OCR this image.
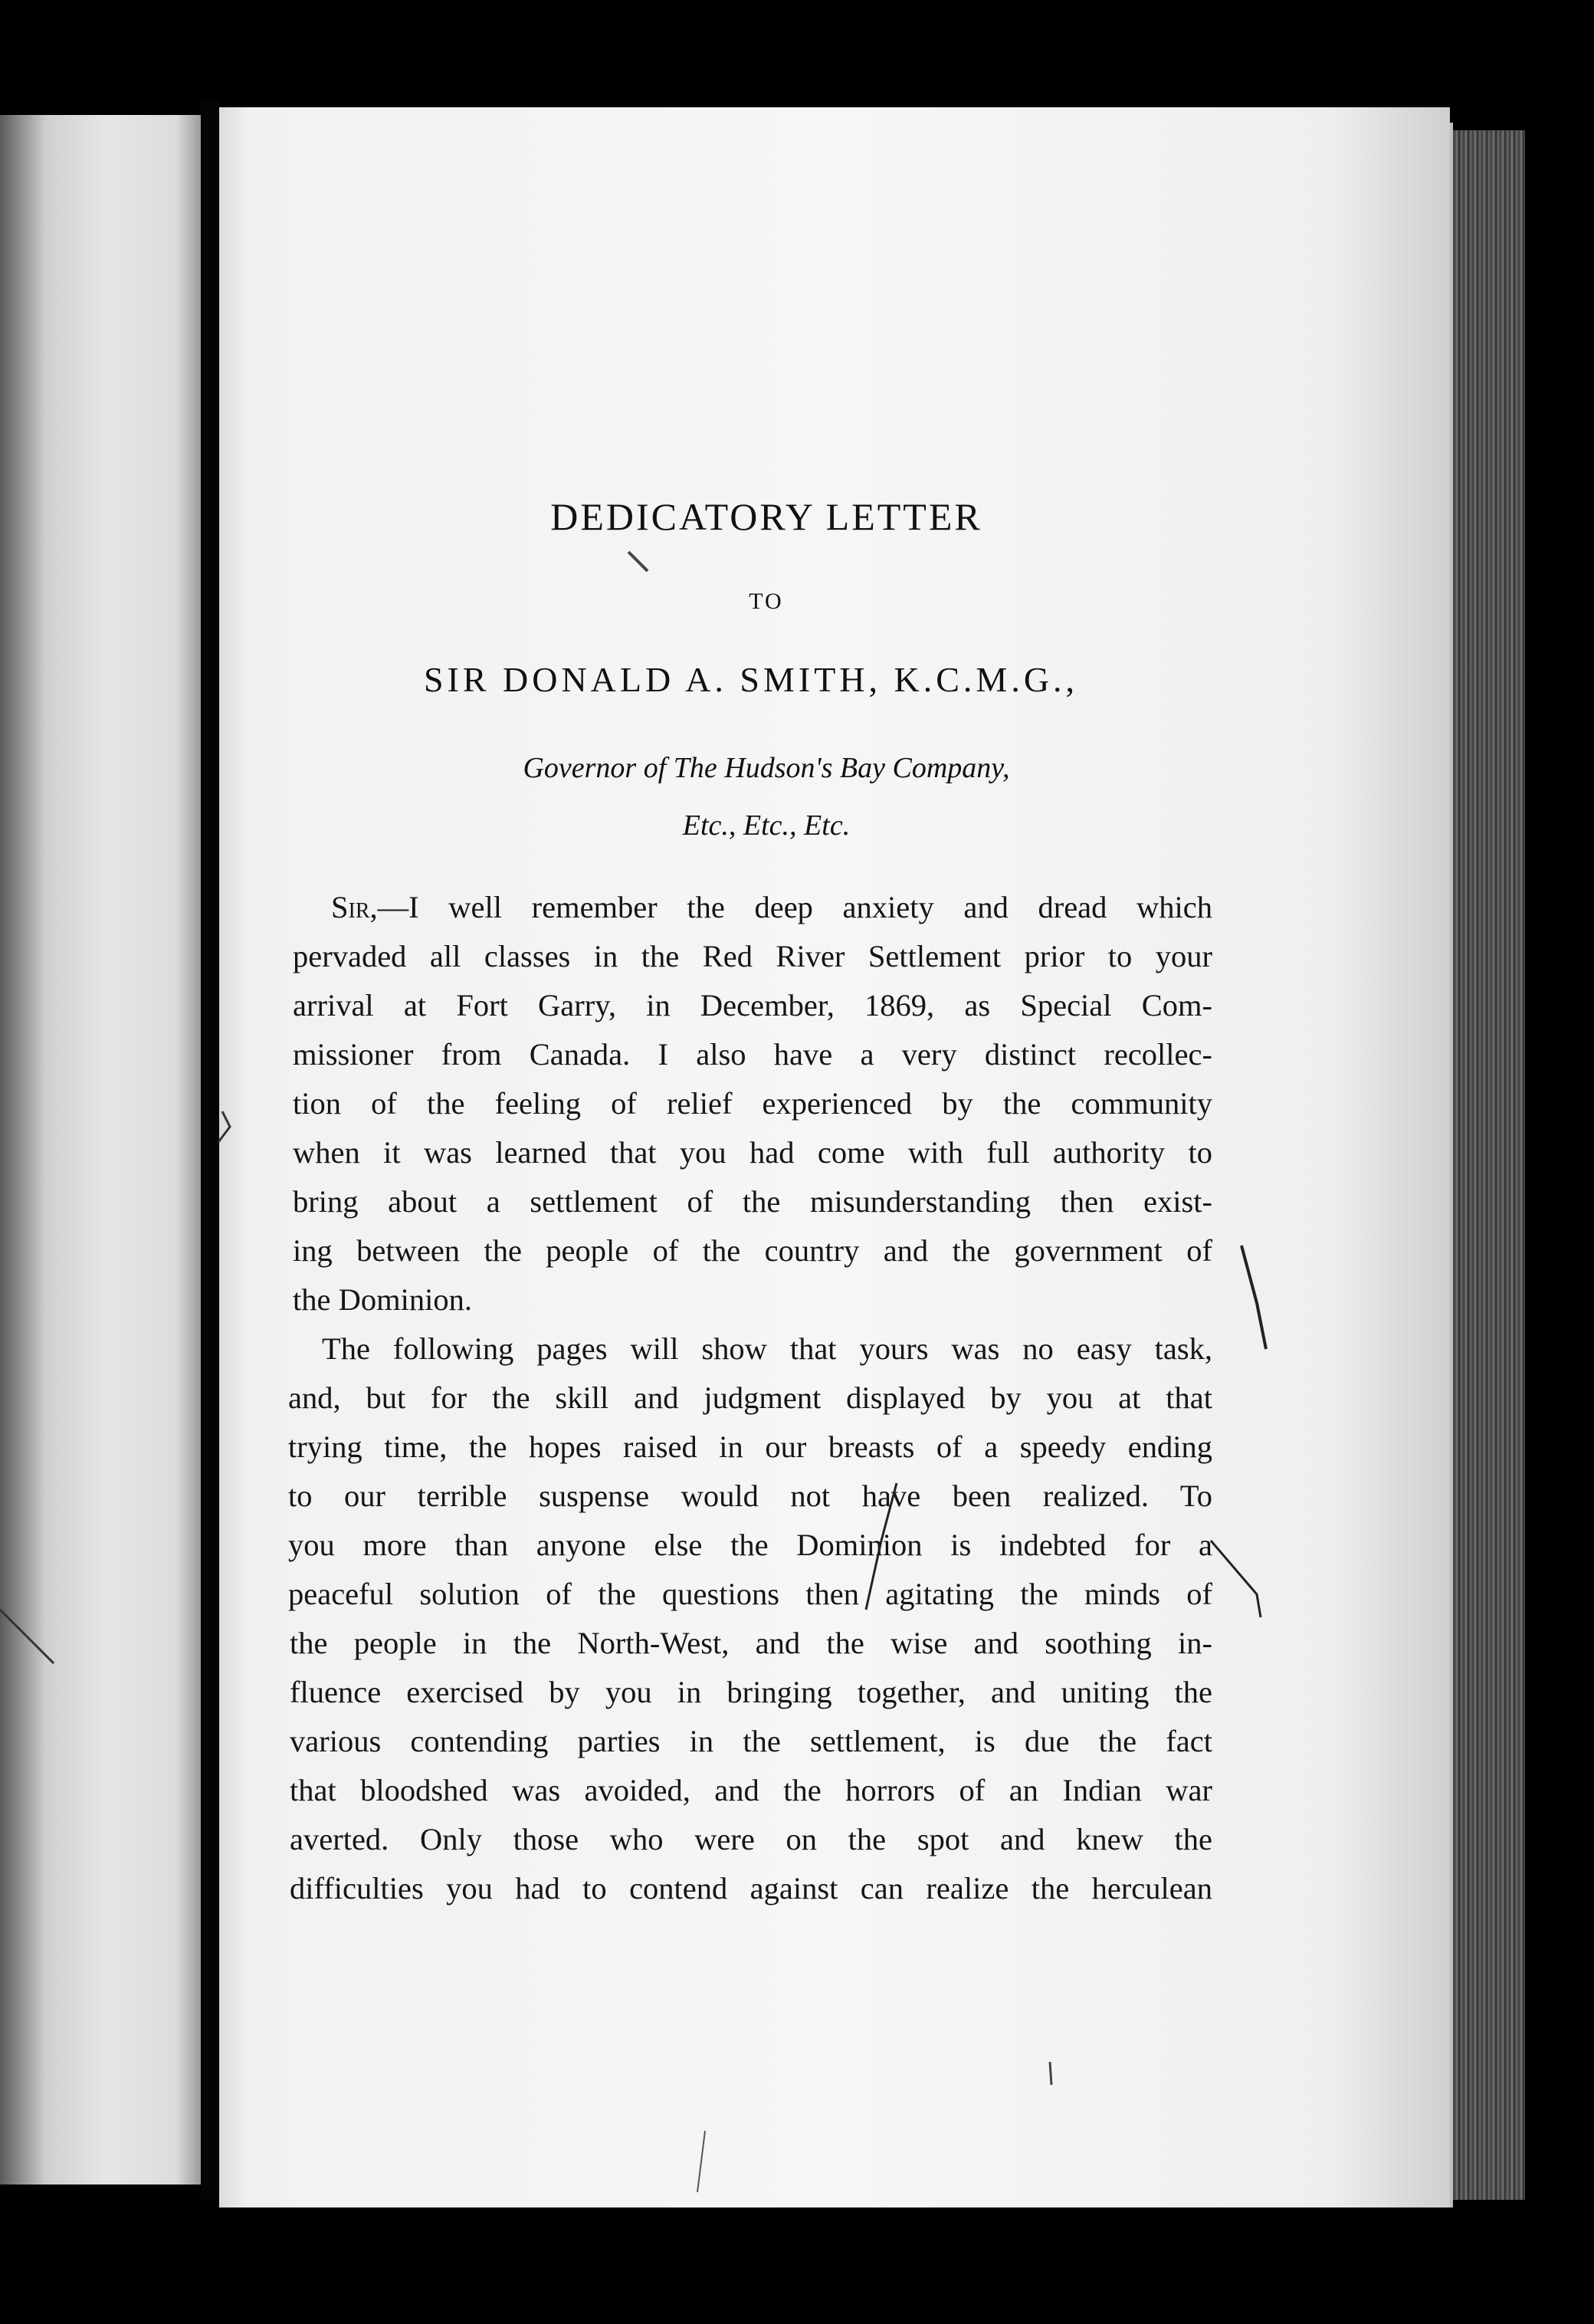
DEDICATORY LETTER
TO
SIR DONALD A. SMITH, K.C.M.G.,
Governor of The Hudson's Bay Company,
Etc., Etc., Etc.
Sir,—I well remember the deep anxiety and dread which
pervaded all classes in the Red River Settlement prior to your
arrival at Fort Garry, in December, 1869, as Special Com-
missioner from Canada. I also have a very distinct recollec-
tion of the feeling of relief experienced by the community
when it was learned that you had come with full authority to
bring about a settlement of the misunderstanding then exist-
ing between the people of the country and the government of
the Dominion.
The following pages will show that yours was no easy task,
and, but for the skill and judgment displayed by you at that
trying time, the hopes raised in our breasts of a speedy ending
to our terrible suspense would not have been realized. To
you more than anyone else the Dominion is indebted for a
peaceful solution of the questions then agitating the minds of
the people in the North-West, and the wise and soothing in-
fluence exercised by you in bringing together, and uniting the
various contending parties in the settlement, is due the fact
that bloodshed was avoided, and the horrors of an Indian war
averted. Only those who were on the spot and knew the
difficulties you had to contend against can realize the herculean
